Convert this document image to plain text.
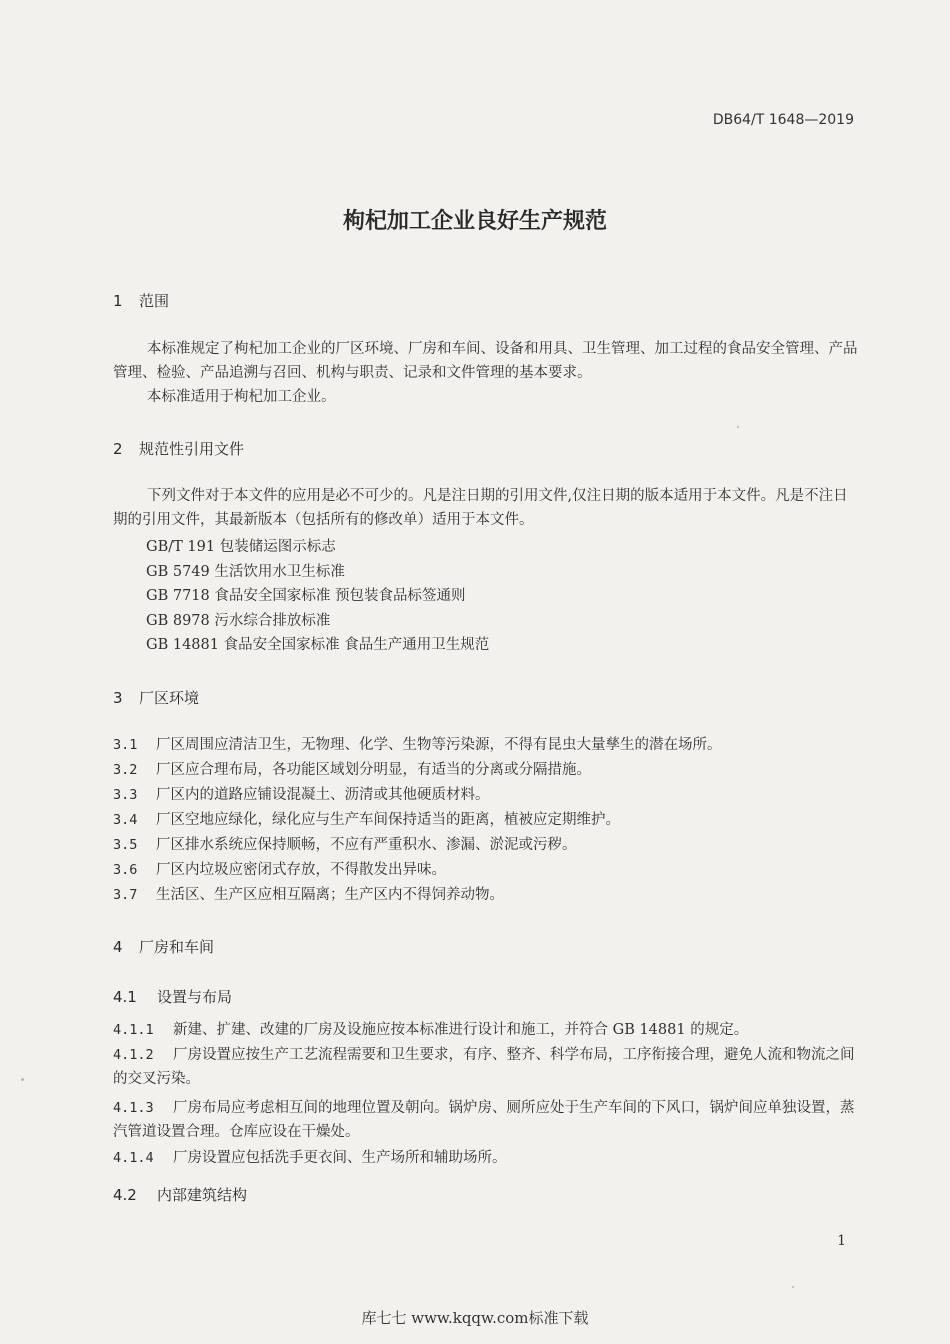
DB64/T 1648—2019
枸杞加工企业良好生产规范
1 范围
本标准规定了枸杞加工企业的厂区环境、厂房和车间、设备和用具、卫生管理、加工过程的食品安全管理、产品管理、检验、产品追溯与召回、机构与职责、记录和文件管理的基本要求。
本标准适用于枸杞加工企业。
2 规范性引用文件
下列文件对于本文件的应用是必不可少的。凡是注日期的引用文件,仅注日期的版本适用于本文件。凡是不注日期的引用文件，其最新版本（包括所有的修改单）适用于本文件。
GB/T 191 包装储运图示标志
GB 5749 生活饮用水卫生标准
GB 7718 食品安全国家标准 预包装食品标签通则
GB 8978 污水综合排放标准
GB 14881 食品安全国家标准 食品生产通用卫生规范
3 厂区环境
3.1 厂区周围应清洁卫生，无物理、化学、生物等污染源，不得有昆虫大量孳生的潜在场所。
3.2 厂区应合理布局，各功能区域划分明显，有适当的分离或分隔措施。
3.3 厂区内的道路应铺设混凝土、沥清或其他硬质材料。
3.4 厂区空地应绿化，绿化应与生产车间保持适当的距离，植被应定期维护。
3.5 厂区排水系统应保持顺畅，不应有严重积水、渗漏、淤泥或污秽。
3.6 厂区内垃圾应密闭式存放，不得散发出异味。
3.7 生活区、生产区应相互隔离；生产区内不得饲养动物。
4 厂房和车间
4.1 设置与布局
4.1.1 新建、扩建、改建的厂房及设施应按本标准进行设计和施工，并符合 GB 14881 的规定。
4.1.2 厂房设置应按生产工艺流程需要和卫生要求，有序、整齐、科学布局，工序衔接合理，避免人流和物流之间的交叉污染。
4.1.3 厂房布局应考虑相互间的地理位置及朝向。锅炉房、厕所应处于生产车间的下风口，锅炉间应单独设置，蒸汽管道设置合理。仓库应设在干燥处。
4.1.4 厂房设置应包括洗手更衣间、生产场所和辅助场所。
4.2 内部建筑结构
1
库七七 www.kqqw.com标准下载
